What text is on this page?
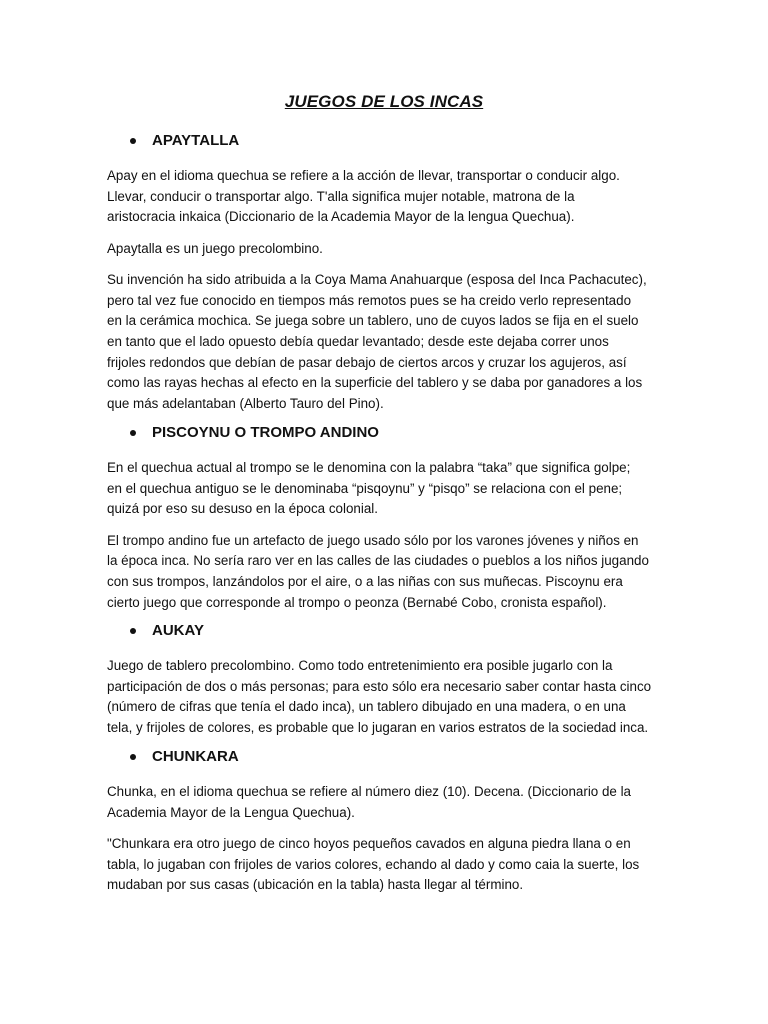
JUEGOS DE LOS INCAS
APAYTALLA

Apay en el idioma quechua se refiere a la acción de llevar, transportar o conducir algo.
Llevar, conducir o transportar algo. T'alla significa mujer notable, matrona de la
aristocracia inkaica (Diccionario de la Academia Mayor de la lengua Quechua).

Apaytalla es un juego precolombino.

Su invención ha sido atribuida a la Coya Mama Anahuarque (esposa del Inca Pachacutec),
pero tal vez fue conocido en tiempos más remotos pues se ha creido verlo representado
en la cerámica mochica. Se juega sobre un tablero, uno de cuyos lados se fija en el suelo
en tanto que el lado opuesto debía quedar levantado; desde este dejaba correr unos
frijoles redondos que debían de pasar debajo de ciertos arcos y cruzar los agujeros, así
como las rayas hechas al efecto en la superficie del tablero y se daba por ganadores a los
que más adelantaban (Alberto Tauro del Pino).

PISCOYNU O TROMPO ANDINO

En el quechua actual al trompo se le denomina con la palabra “taka” que significa golpe;
en el quechua antiguo se le denominaba “pisqoynu” y “pisqo” se relaciona con el pene;
quizá por eso su desuso en la época colonial.

El trompo andino fue un artefacto de juego usado sólo por los varones jóvenes y niños en
la época inca. No sería raro ver en las calles de las ciudades o pueblos a los niños jugando
con sus trompos, lanzándolos por el aire, o a las niñas con sus muñecas. Piscoynu era
cierto juego que corresponde al trompo o peonza (Bernabé Cobo, cronista español).

AUKAY

Juego de tablero precolombino. Como todo entretenimiento era posible jugarlo con la
participación de dos o más personas; para esto sólo era necesario saber contar hasta cinco
(número de cifras que tenía el dado inca), un tablero dibujado en una madera, o en una
tela, y frijoles de colores, es probable que lo jugaran en varios estratos de la sociedad inca.

CHUNKARA

Chunka, en el idioma quechua se refiere al número diez (10). Decena. (Diccionario de la
Academia Mayor de la Lengua Quechua).

"Chunkara era otro juego de cinco hoyos pequeños cavados en alguna piedra llana o en
tabla, lo jugaban con frijoles de varios colores, echando al dado y como caia la suerte, los
mudaban por sus casas (ubicación en la tabla) hasta llegar al término.
